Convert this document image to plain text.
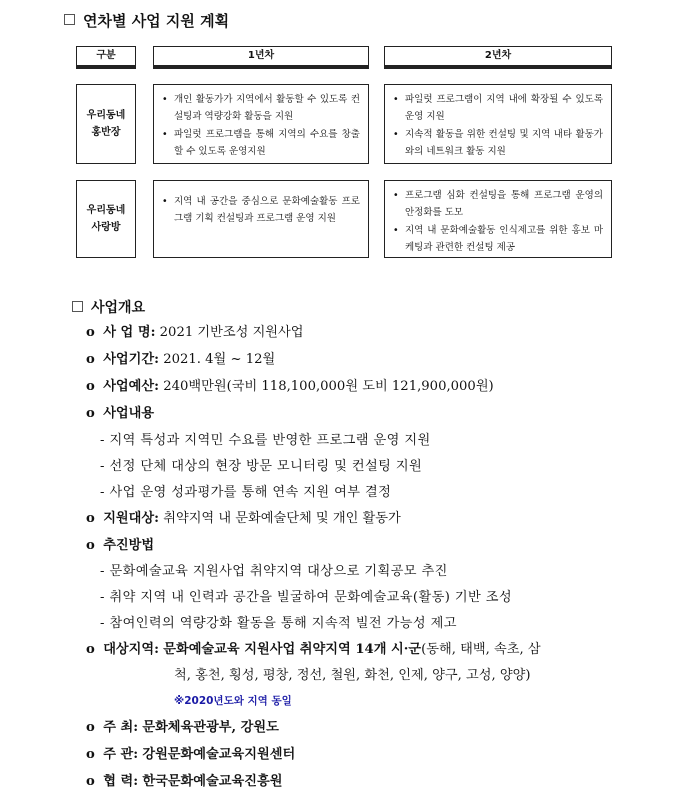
연차별 사업 지원 계획
구분	1년차	2년차
우리동네
홍반장
• 개인 활동가가 지역에서 활동할 수 있도록 컨설팅과 역량강화 활동을 지원
• 파일럿 프로그램을 통해 지역의 수요를 창출할 수 있도록 운영지원
• 파일럿 프로그램이 지역 내에 확장될 수 있도록 운영 지원
• 지속적 활동을 위한 컨설팅 및 지역 내타 활동가와의 네트워크 활동 지원
우리동네
사랑방
• 지역 내 공간을 중심으로 문화예술활동 프로그램 기획 컨설팅과 프로그램 운영 지원
• 프로그램 심화 컨설팅을 통해 프로그램 운영의 안정화를 도모
• 지역 내 문화예술활동 인식제고를 위한 홍보 마케팅과 관련한 컨설팅 제공
사업개요
o 사 업 명: 2021 기반조성 지원사업
o 사업기간: 2021. 4월 ~ 12월
o 사업예산: 240백만원(국비 118,100,000원 도비 121,900,000원)
o 사업내용
- 지역 특성과 지역민 수요를 반영한 프로그램 운영 지원
- 선정 단체 대상의 현장 방문 모니터링 및 컨설팅 지원
- 사업 운영 성과평가를 통해 연속 지원 여부 결정
o 지원대상: 취약지역 내 문화예술단체 및 개인 활동가
o 추진방법
- 문화예술교육 지원사업 취약지역 대상으로 기획공모 추진
- 취약 지역 내 인력과 공간을 빌굴하여 문화예술교육(활동) 기반 조성
- 참여인력의 역량강화 활동을 통해 지속적 빌전 가능성 제고
o 대상지역: 문화예술교육 지원사업 취약지역 14개 시·군(동해, 태백, 속초, 삼
척, 홍천, 횡성, 평창, 정선, 철원, 화천, 인제, 양구, 고성, 양양)
※2020년도와 지역 동일
o 주 최: 문화체육관광부, 강원도
o 주 관: 강원문화예술교육지원센터
o 협 력: 한국문화예술교육진흥원
